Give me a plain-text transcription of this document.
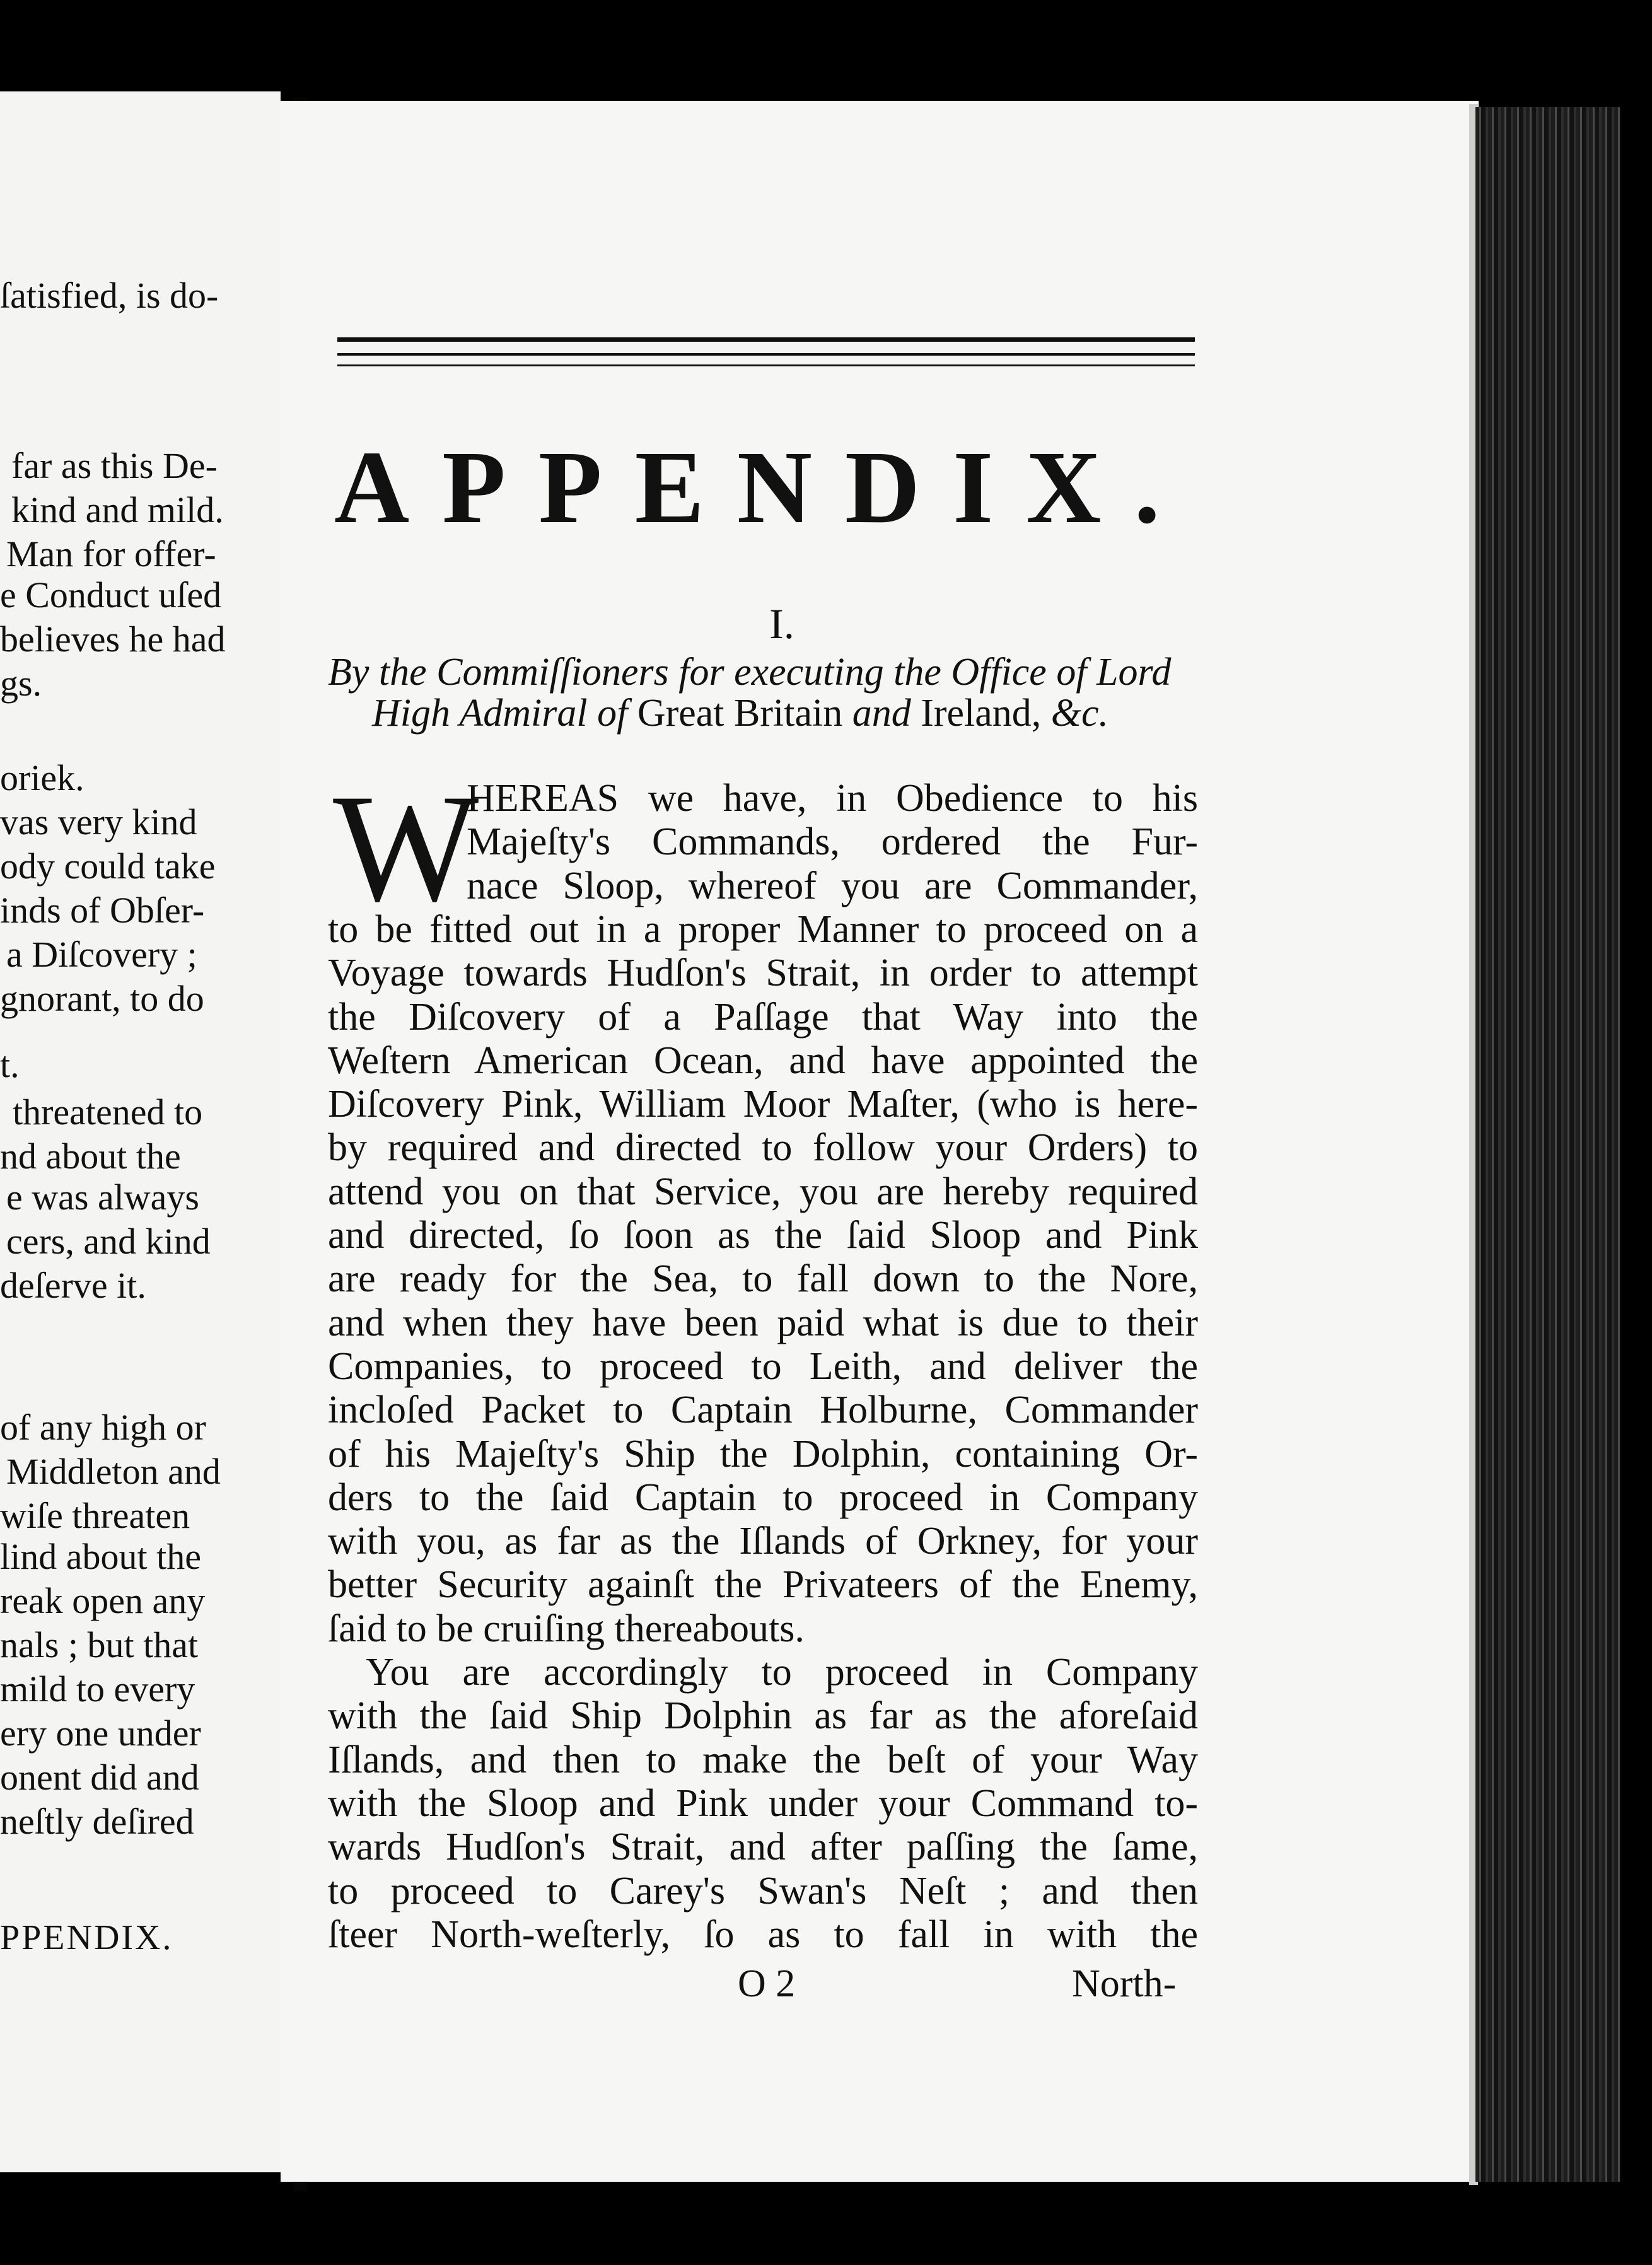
ſatisfied, is do-
far as this De-
kind and mild.
Man for offer-
e Conduct uſed
believes he had
gs.
oriek.
vas very kind
ody could take
inds of Obſer-
a Diſcovery ;
gnorant, to do
t.
threatened to
nd about the
e was always
cers, and kind
deſerve it.
of any high or
Middleton and
wiſe threaten
lind about the
reak open any
nals ; but that
mild to every
ery one under
onent did and
neſtly deſired
PPENDIX.
APPENDIX.
I.
By the Commiſſioners for executing the Office of Lord
High Admiral of Great Britain and Ireland, &c.
W
HEREAS we have, in Obedience to his
Majeſty's Commands, ordered the Fur-
nace Sloop, whereof you are Commander,
to be fitted out in a proper Manner to proceed on a
Voyage towards Hudſon's Strait, in order to attempt
the Diſcovery of a Paſſage that Way into the
Weſtern American Ocean, and have appointed the
Diſcovery Pink, William Moor Maſter, (who is here-
by required and directed to follow your Orders) to
attend you on that Service, you are hereby required
and directed, ſo ſoon as the ſaid Sloop and Pink
are ready for the Sea, to fall down to the Nore,
and when they have been paid what is due to their
Companies, to proceed to Leith, and deliver the
incloſed Packet to Captain Holburne, Commander
of his Majeſty's Ship the Dolphin, containing Or-
ders to the ſaid Captain to proceed in Company
with you, as far as the Iſlands of Orkney, for your
better Security againſt the Privateers of the Enemy,
ſaid to be cruiſing thereabouts.
You are accordingly to proceed in Company
with the ſaid Ship Dolphin as far as the aforeſaid
Iſlands, and then to make the beſt of your Way
with the Sloop and Pink under your Command to-
wards Hudſon's Strait, and after paſſing the ſame,
to proceed to Carey's Swan's Neſt ; and then
ſteer North-weſterly, ſo as to fall in with the
O 2	North-
